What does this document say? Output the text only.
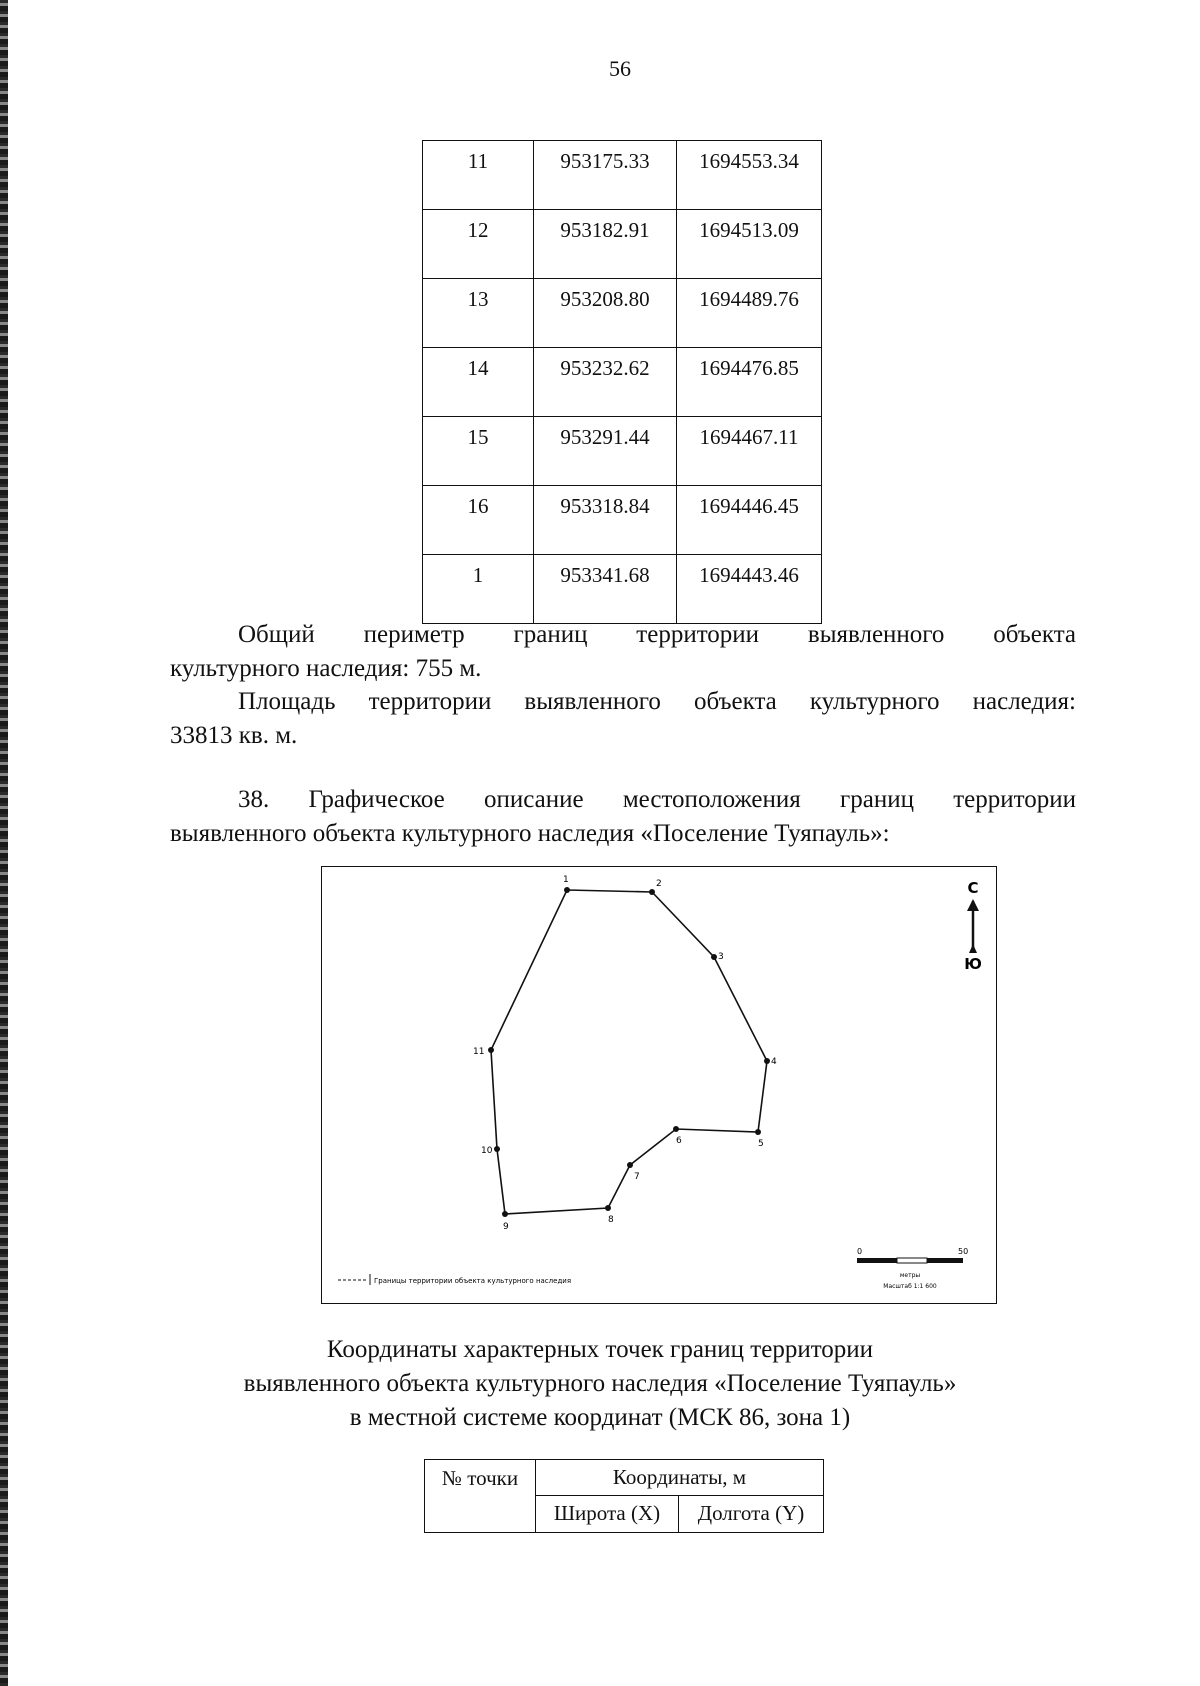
56
11	953175.33	1694553.34
12	953182.91	1694513.09
13	953208.80	1694489.76
14	953232.62	1694476.85
15	953291.44	1694467.11
16	953318.84	1694446.45
1	953341.68	1694443.46

Общий периметр границ территории выявленного объекта

культурного наследия: 755 м.

Площадь территории выявленного объекта культурного наследия:

33813 кв. м.

38. Графическое описание местоположения границ территории

выявленного объекта культурного наследия «Поселение Туяпауль»:

1	2
3
4
5
6
7
8
9
10
11
С
Ю
0	50
метры
Масштаб 1:1 600
Границы территории объекта культурного наследия
Координаты характерных точек границ территории
выявленного объекта культурного наследия «Поселение Туяпауль»
в местной системе координат (МСК 86, зона 1)
№ точки	Координаты, м	
	Широта (X)	Долгота (Y)
